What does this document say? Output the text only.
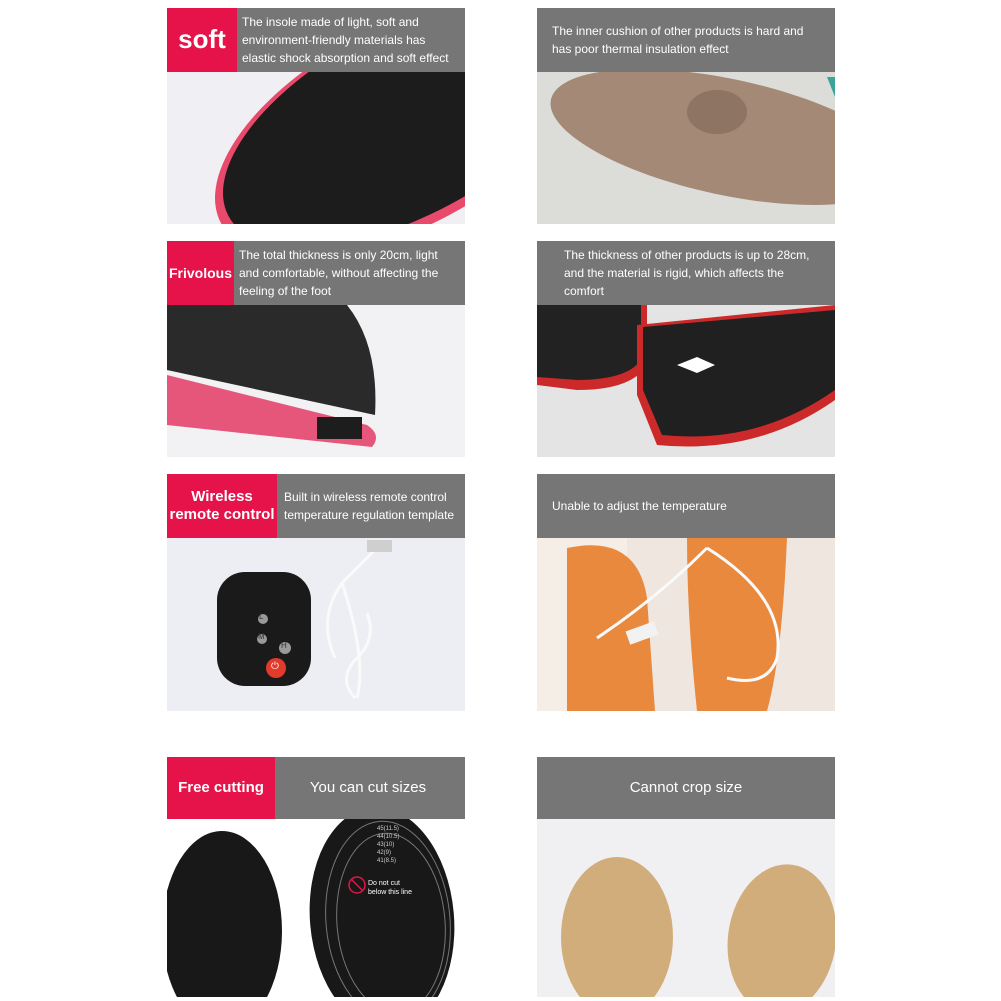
soft
The insole made of light, soft and environment-friendly materials has elastic shock absorption and soft effect
The inner cushion of other products is hard and has poor thermal insulation effect
Frivolous
The total thickness is only 20cm, light and comfortable, without affecting the feeling of the foot
The thickness of other products is up to 28cm, and the material is rigid, which affects the comfort
Wireless remote control
Built in wireless remote control temperature regulation template
L
M
H
⏻
Unable to adjust the temperature
Free cutting	You can cut sizes
45(11.5)
44(10.5)
43(10)
42(9)
41(8.5)
Do not cut below this line
Cannot crop size
